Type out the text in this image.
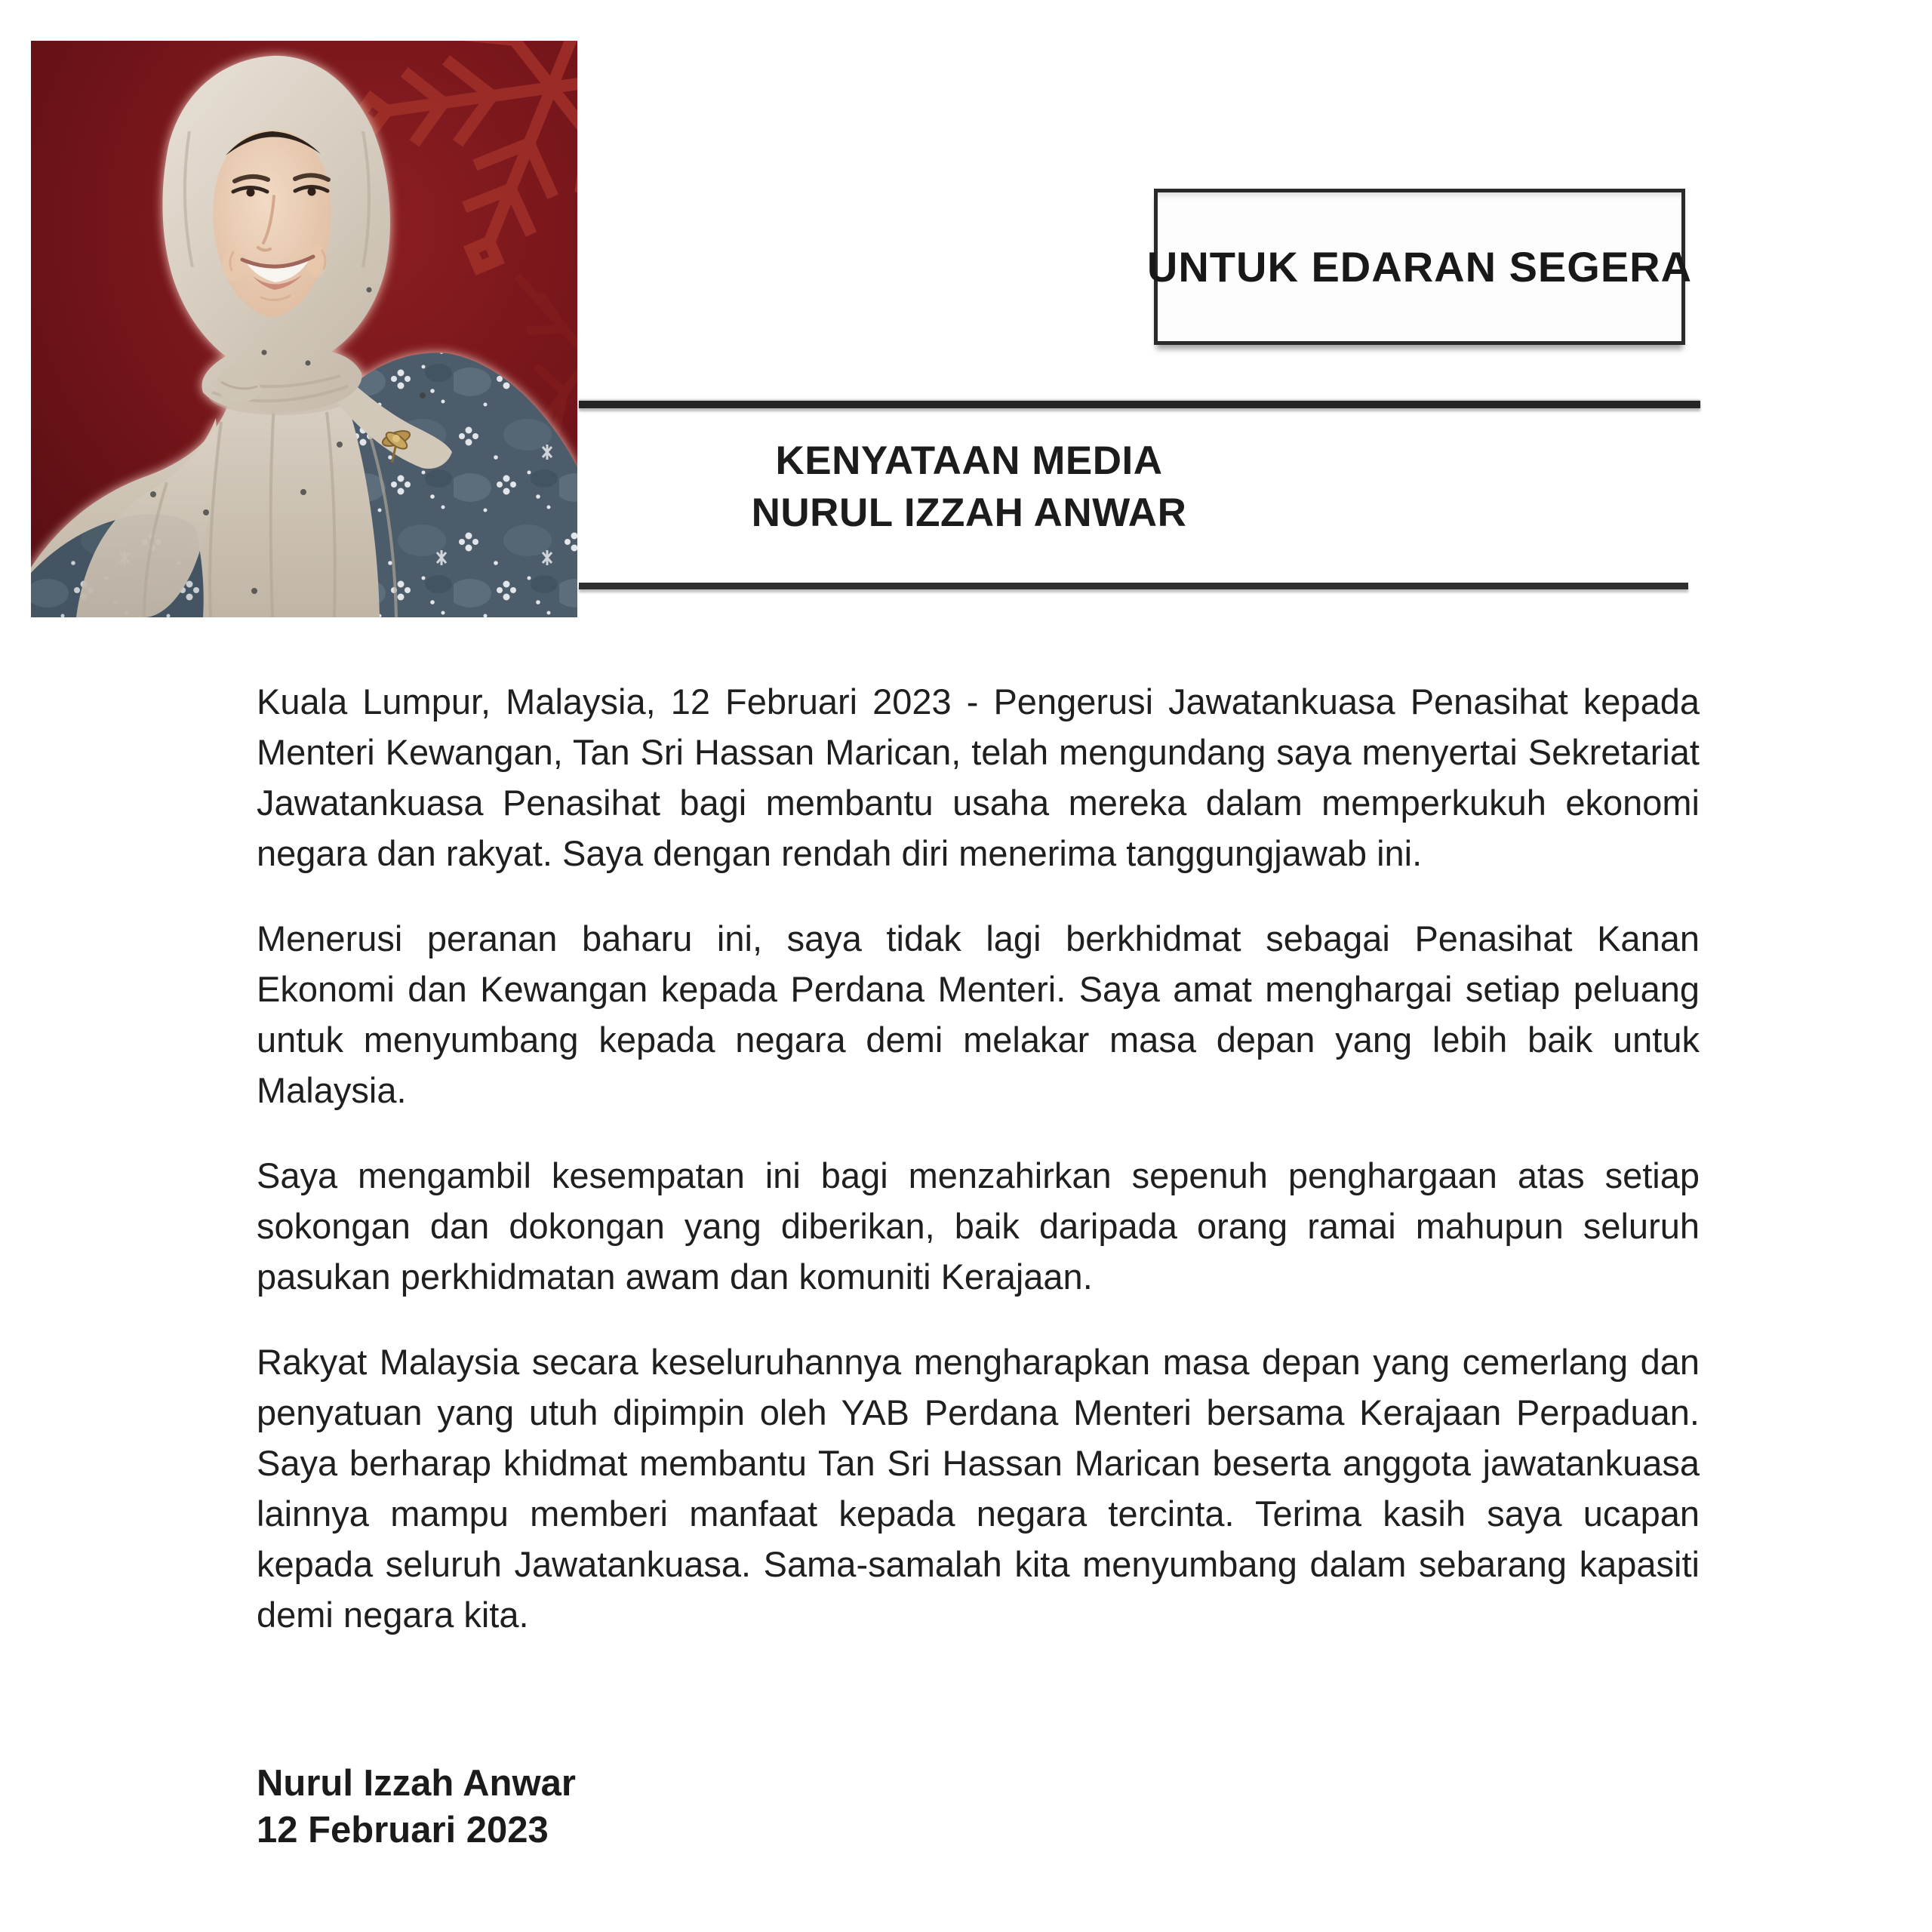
UNTUK EDARAN SEGERA
KENYATAAN MEDIA
NURUL IZZAH ANWAR

Kuala Lumpur, Malaysia, 12 Februari 2023 - Pengerusi Jawatankuasa Penasihat kepada Menteri Kewangan, Tan Sri Hassan Marican, telah mengundang saya menyertai Sekretariat Jawatankuasa Penasihat bagi membantu usaha mereka dalam memperkukuh ekonomi negara dan rakyat. Saya dengan rendah diri menerima tanggungjawab ini.

Menerusi peranan baharu ini, saya tidak lagi berkhidmat sebagai Penasihat Kanan Ekonomi dan Kewangan kepada Perdana Menteri. Saya amat menghargai setiap peluang untuk menyumbang kepada negara demi melakar masa depan yang lebih baik untuk Malaysia.

Saya mengambil kesempatan ini bagi menzahirkan sepenuh penghargaan atas setiap sokongan dan dokongan yang diberikan, baik daripada orang ramai mahupun seluruh pasukan perkhidmatan awam dan komuniti Kerajaan.

Rakyat Malaysia secara keseluruhannya mengharapkan masa depan yang cemerlang dan penyatuan yang utuh dipimpin oleh YAB Perdana Menteri bersama Kerajaan Perpaduan. Saya berharap khidmat membantu Tan Sri Hassan Marican beserta anggota jawatankuasa lainnya mampu memberi manfaat kepada negara tercinta. Terima kasih saya ucapan kepada seluruh Jawatankuasa. Sama-samalah kita menyumbang dalam sebarang kapasiti demi negara kita.

Nurul Izzah Anwar
12 Februari 2023
